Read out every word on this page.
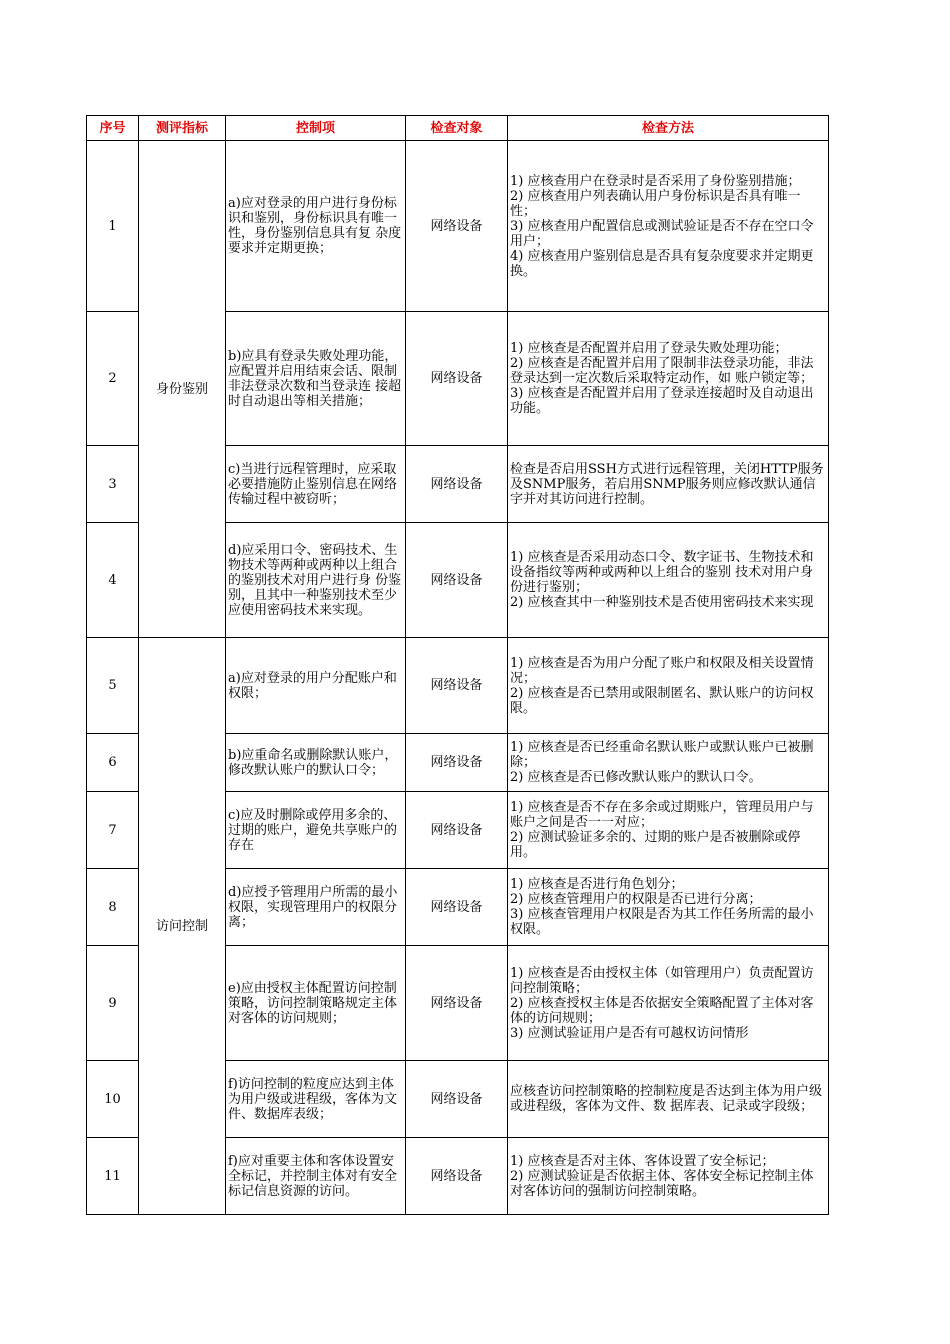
序号	测评指标	控制项	检查对象	检查方法
1	身份鉴别	a)应对登录的用户进行身份标识和鉴别，身份标识具有唯一性，身份鉴别信息具有复 杂度要求并定期更换；	网络设备	1) 应核查用户在登录时是否采用了身份鉴别措施；
2) 应核查用户列表确认用户身份标识是否具有唯一性；
3) 应核查用户配置信息或测试验证是否不存在空口令用户；
4) 应核查用户鉴别信息是否具有复杂度要求并定期更换。

2		b)应具有登录失败处理功能，应配置并启用结束会话、限制非法登录次数和当登录连 接超时自动退出等相关措施；	网络设备	1) 应核查是否配置并启用了登录失败处理功能；
2) 应核查是否配置并启用了限制非法登录功能，非法登录达到一定次数后采取特定动作，如 账户锁定等；
3) 应核查是否配置并启用了登录连接超时及自动退出功能。

3		c)当进行远程管理时，应采取必要措施防止鉴别信息在网络传输过程中被窃听；	网络设备	检查是否启用SSH方式进行远程管理，关闭HTTP服务及SNMP服务，若启用SNMP服务则应修改默认通信字并对其访问进行控制。

4		d)应采用口令、密码技术、生物技术等两种或两种以上组合的鉴别技术对用户进行身 份鉴别，且其中一种鉴别技术至少应使用密码技术来实现。	网络设备	1) 应核查是否采用动态口令、数字证书、生物技术和设备指纹等两种或两种以上组合的鉴别 技术对用户身份进行鉴别；
2) 应核查其中一种鉴别技术是否使用密码技术来实现

5	访问控制	a)应对登录的用户分配账户和权限；	网络设备	1) 应核查是否为用户分配了账户和权限及相关设置情况；
2) 应核查是否已禁用或限制匿名、默认账户的访问权限。

6		b)应重命名或删除默认账户，修改默认账户的默认口令；	网络设备	1) 应核查是否已经重命名默认账户或默认账户已被删除；
2) 应核查是否已修改默认账户的默认口令。

7		c)应及时删除或停用多余的、过期的账户，避免共享账户的存在	网络设备	1) 应核查是否不存在多余或过期账户，管理员用户与账户之间是否一一对应；
2) 应测试验证多余的、过期的账户是否被删除或停用。

8		d)应授予管理用户所需的最小权限，实现管理用户的权限分离；	网络设备	1) 应核查是否进行角色划分；
2) 应核查管理用户的权限是否已进行分离；
3) 应核查管理用户权限是否为其工作任务所需的最小权限。

9		e)应由授权主体配置访问控制策略，访问控制策略规定主体对客体的访问规则；	网络设备	1) 应核查是否由授权主体（如管理用户）负责配置访问控制策略；
2) 应核查授权主体是否依据安全策略配置了主体对客体的访问规则；
3) 应测试验证用户是否有可越权访问情形

10		f)访问控制的粒度应达到主体为用户级或进程级，客体为文件、数据库表级；	网络设备	应核查访问控制策略的控制粒度是否达到主体为用户级或进程级，客体为文件、数 据库表、记录或字段级；

11		f)应对重要主体和客体设置安全标记，并控制主体对有安全标记信息资源的访问。	网络设备	1) 应核查是否对主体、客体设置了安全标记；
2) 应测试验证是否依据主体、客体安全标记控制主体对客体访问的强制访问控制策略。
